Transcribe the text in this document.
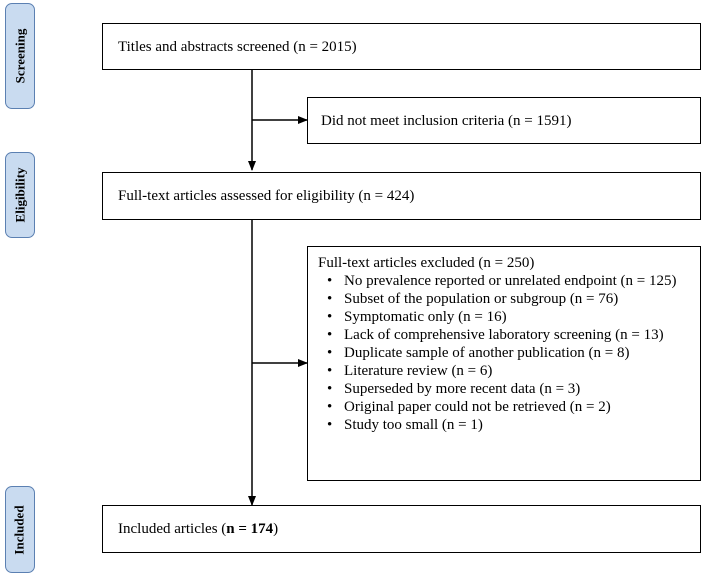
Screening
Eligibility
Included
Titles and abstracts screened (n = 2015)
Did not meet inclusion criteria (n = 1591)
Full-text articles assessed for eligibility (n = 424)
Full-text articles excluded (n = 250)
• No prevalence reported or unrelated endpoint (n = 125)
• Subset of the population or subgroup (n = 76)
• Symptomatic only (n = 16)
• Lack of comprehensive laboratory screening (n = 13)
• Duplicate sample of another publication (n = 8)
• Literature review (n = 6)
• Superseded by more recent data (n = 3)
• Original paper could not be retrieved (n = 2)
• Study too small (n = 1)
Included articles (n = 174)
